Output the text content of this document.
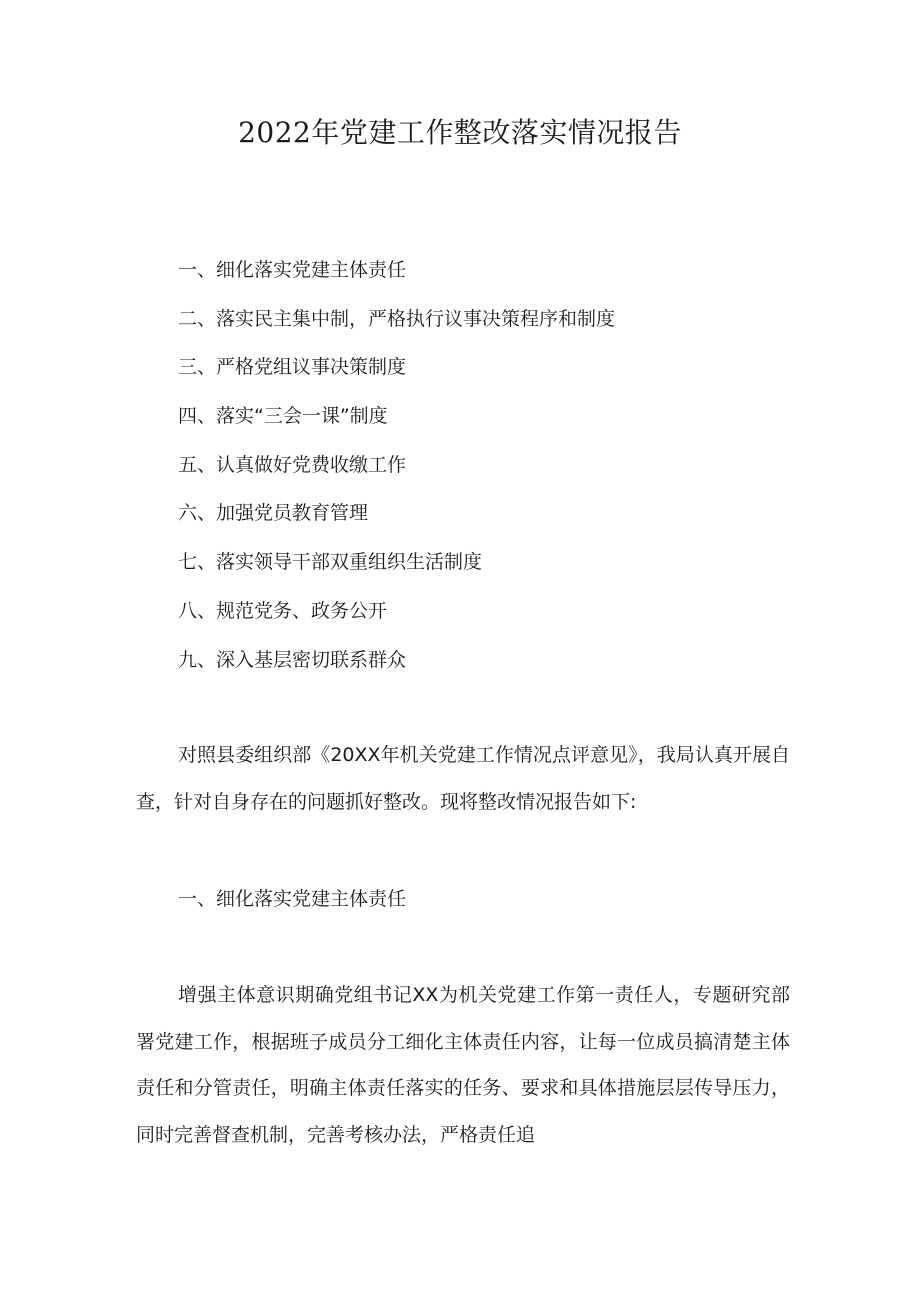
2022年党建工作整改落实情况报告
一、细化落实党建主体责任
二、落实民主集中制，严格执行议事决策程序和制度
三、严格党组议事决策制度
四、落实“三会一课”制度
五、认真做好党费收缴工作
六、加强党员教育管理
七、落实领导干部双重组织生活制度
八、规范党务、政务公开
九、深入基层密切联系群众

对照县委组织部《20XX年机关党建工作情况点评意见》，我局认真开展自查，针对自身存在的问题抓好整改。现将整改情况报告如下:

一、细化落实党建主体责任

增强主体意识期确党组书记XX为机关党建工作第一责任人，专题研究部署党建工作，根据班子成员分工细化主体责任内容，让每一位成员搞清楚主体责任和分管责任，明确主体责任落实的任务、要求和具体措施层层传导压力，同时完善督查机制，完善考核办法，严格责任追
